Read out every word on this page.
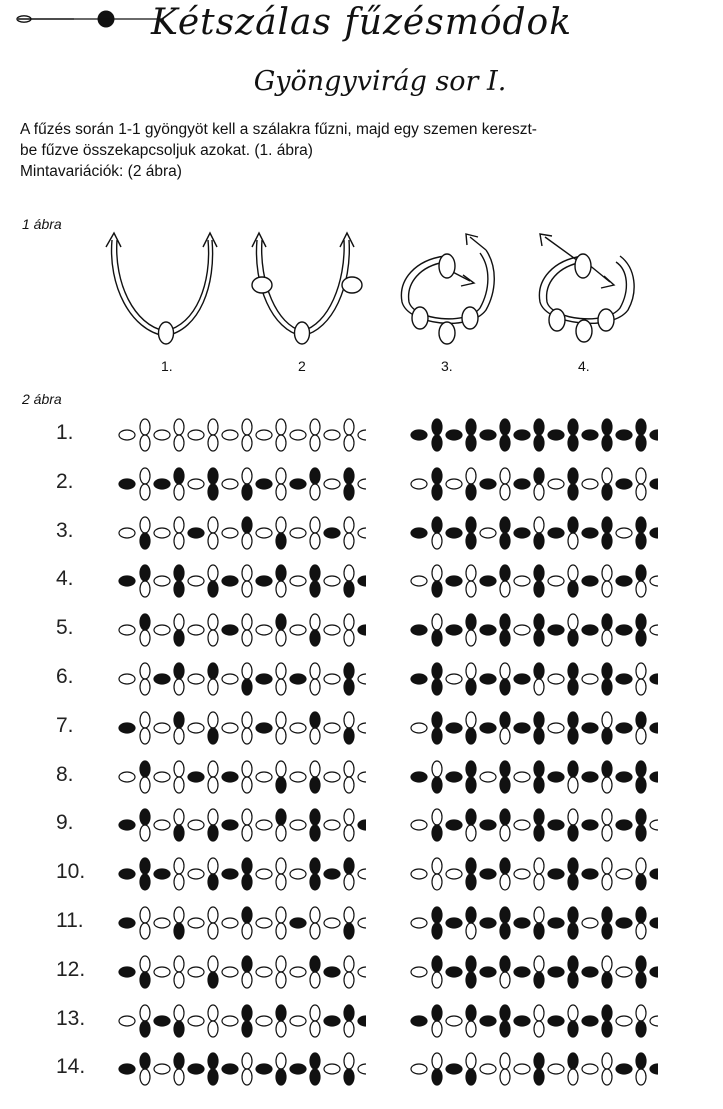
Kétszálas fűzésmódok
Gyöngyvirág sor I.

A fűzés során 1-1 gyöngyöt kell a szálakra fűzni, majd egy szemen kereszt-

be fűzve összekapcsoljuk azokat. (1. ábra)

Mintavariációk: (2 ábra)

1 ábra
1.	2	3.	4.
2 ábra
1.
2.
3.
4.
5.
6.
7.
8.
9.
10.
11.
12.
13.
14.
